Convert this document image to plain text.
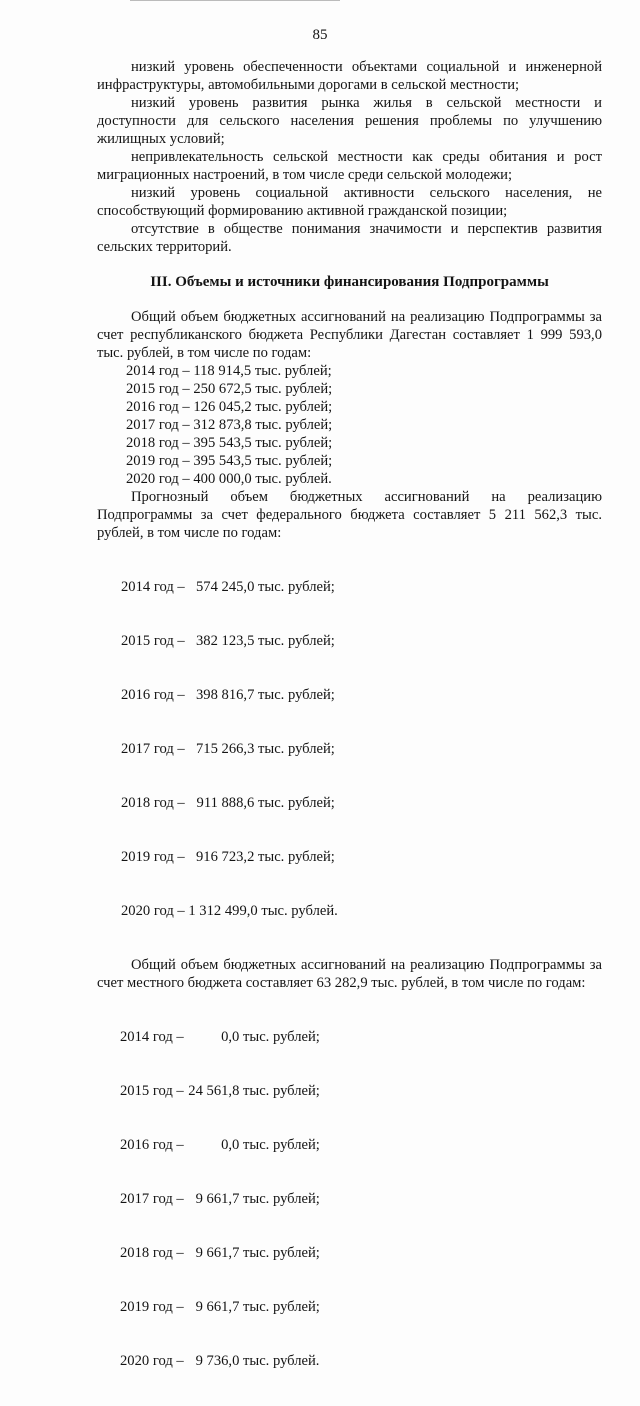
85

низкий уровень обеспеченности объектами социальной и инженерной инфраструктуры, автомобильными дорогами в сельской местности;

низкий уровень развития рынка жилья в сельской местности и доступности для сельского населения решения проблемы по улучшению жилищных условий;

непривлекательность сельской местности как среды обитания и рост миграционных настроений, в том числе среди сельской молодежи;

низкий уровень социальной активности сельского населения, не способствующий формированию активной гражданской позиции;

отсутствие в обществе понимания значимости и перспектив развития сельских территорий.

III. Объемы и источники финансирования Подпрограммы

Общий объем бюджетных ассигнований на реализацию Подпрограммы за счет республиканского бюджета Республики Дагестан составляет 1 999 593,0 тыс. рублей, в том числе по годам:

2014 год – 118 914,5 тыс. рублей;

2015 год – 250 672,5 тыс. рублей;

2016 год – 126 045,2 тыс. рублей;

2017 год – 312 873,8 тыс. рублей;

2018 год – 395 543,5 тыс. рублей;

2019 год – 395 543,5 тыс. рублей;

2020 год – 400 000,0 тыс. рублей.

Прогнозный объем бюджетных ассигнований на реализацию Подпрограммы за счет федерального бюджета составляет 5 211 562,3 тыс. рублей, в том числе по годам:

2014 год – 574 245,0 тыс. рублей;

2015 год – 382 123,5 тыс. рублей;

2016 год – 398 816,7 тыс. рублей;

2017 год – 715 266,3 тыс. рублей;

2018 год – 911 888,6 тыс. рублей;

2019 год – 916 723,2 тыс. рублей;

2020 год – 1 312 499,0 тыс. рублей.

Общий объем бюджетных ассигнований на реализацию Подпрограммы за счет местного бюджета составляет 63 282,9 тыс. рублей, в том числе по годам:

2014 год –	0,0 тыс. рублей;

2015 год – 24 561,8 тыс. рублей;

2016 год –	0,0 тыс. рублей;

2017 год – 9 661,7 тыс. рублей;

2018 год – 9 661,7 тыс. рублей;

2019 год – 9 661,7 тыс. рублей;

2020 год – 9 736,0 тыс. рублей.
